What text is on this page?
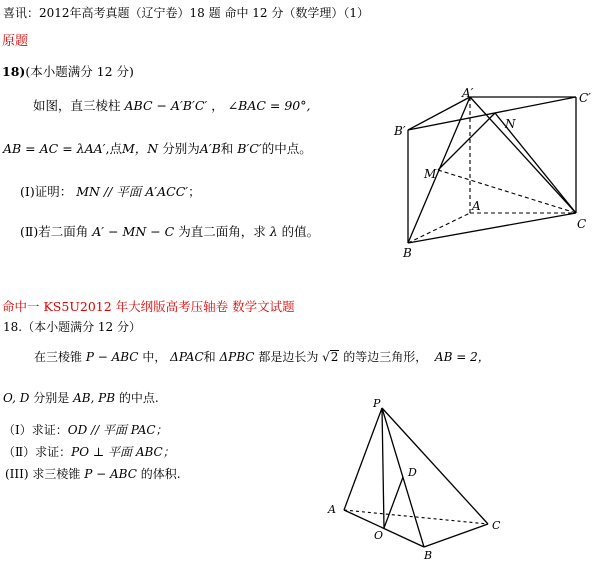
喜讯：2012年高考真题（辽宁卷）18 题 命中 12 分（数学理）（1）
原题
18)(本小题满分 12 分)
如图，直三棱柱 ABC − A′B′C′ ， ∠BAC = 90°,
AB = AC = λAA′,点M，N 分别为A′B和 B′C′的中点。
(Ⅰ)证明： MN // 平面 A′ACC′；
(Ⅱ)若二面角 A′ − MN − C 为直二面角，求 λ 的值。
A′	C′
B′	N
M
A
B
C
命中一 KS5U2012 年大纲版高考压轴卷 数学文试题
18.（本小题满分 12 分）
在三棱锥 P − ABC 中， ΔPAC和 ΔPBC 都是边长为 √2 的等边三角形， AB = 2，
O, D 分别是 AB, PB 的中点.
（Ⅰ）求证：OD // 平面 PAC；
（Ⅱ）求证：PO ⊥ 平面 ABC；
(III) 求三棱锥 P − ABC 的体积.
P
D
A
O
C
B
